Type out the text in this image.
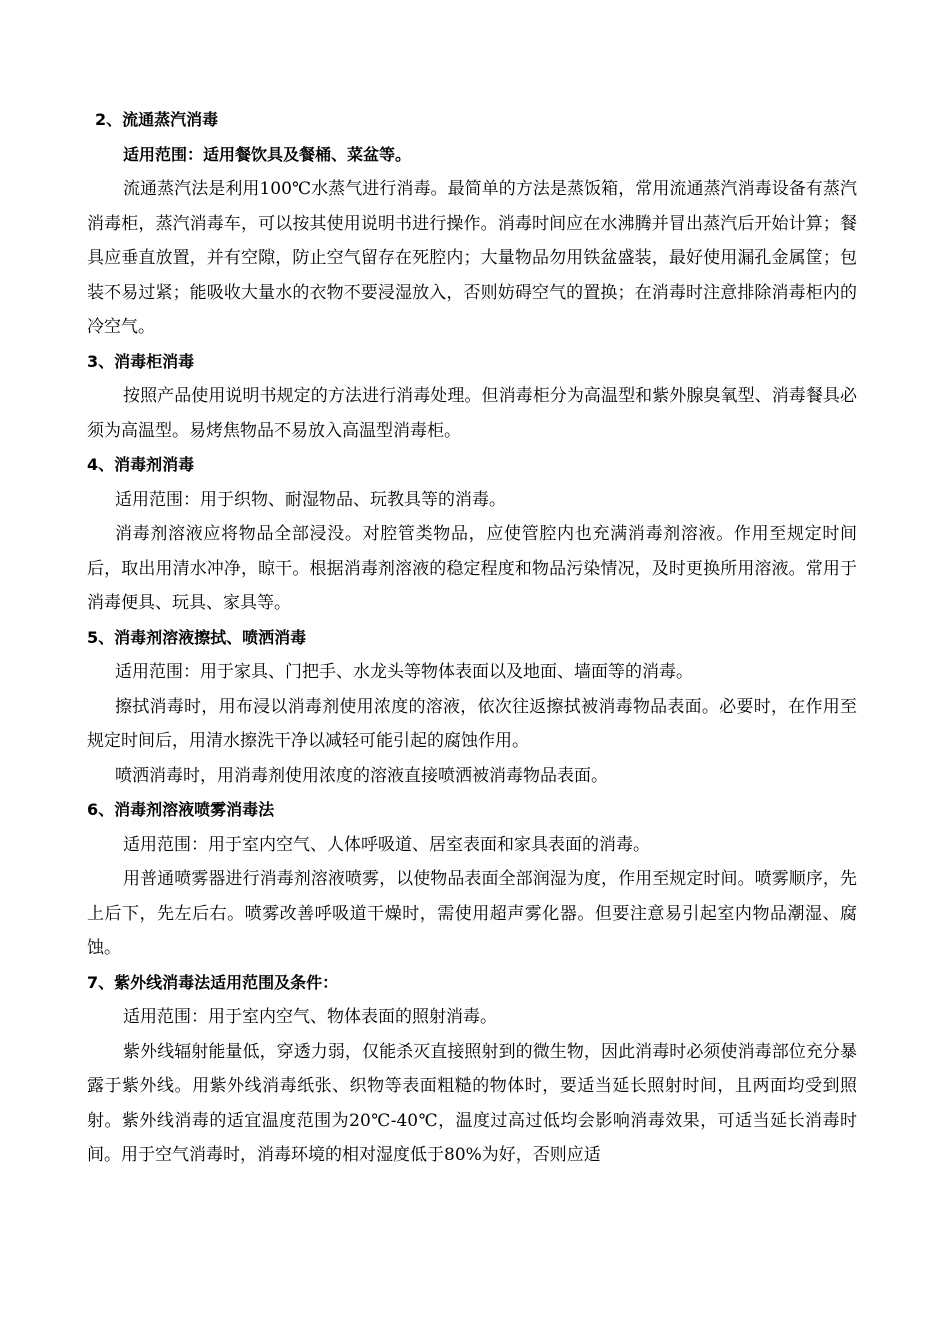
2、流通蒸汽消毒
适用范围：适用餐饮具及餐桶、菜盆等。

流通蒸汽法是利用100℃水蒸气进行消毒。最简单的方法是蒸饭箱，常用流通蒸汽消毒设备有蒸汽消毒柜，蒸汽消毒车，可以按其使用说明书进行操作。消毒时间应在水沸腾并冒出蒸汽后开始计算；餐具应垂直放置，并有空隙，防止空气留存在死腔内；大量物品勿用铁盆盛装，最好使用漏孔金属筐；包装不易过紧；能吸收大量水的衣物不要浸湿放入，否则妨碍空气的置换；在消毒时注意排除消毒柜内的冷空气。

3、消毒柜消毒

按照产品使用说明书规定的方法进行消毒处理。但消毒柜分为高温型和紫外腺臭氧型、消毒餐具必须为高温型。易烤焦物品不易放入高温型消毒柜。

4、消毒剂消毒
适用范围：用于织物、耐湿物品、玩教具等的消毒。

消毒剂溶液应将物品全部浸没。对腔管类物品，应使管腔内也充满消毒剂溶液。作用至规定时间后，取出用清水冲净，晾干。根据消毒剂溶液的稳定程度和物品污染情况，及时更换所用溶液。常用于消毒便具、玩具、家具等。

5、消毒剂溶液擦拭、喷洒消毒
适用范围：用于家具、门把手、水龙头等物体表面以及地面、墙面等的消毒。

擦拭消毒时，用布浸以消毒剂使用浓度的溶液，依次往返擦拭被消毒物品表面。必要时，在作用至规定时间后，用清水擦洗干净以减轻可能引起的腐蚀作用。

喷洒消毒时，用消毒剂使用浓度的溶液直接喷洒被消毒物品表面。
6、消毒剂溶液喷雾消毒法
适用范围：用于室内空气、人体呼吸道、居室表面和家具表面的消毒。

用普通喷雾器进行消毒剂溶液喷雾，以使物品表面全部润湿为度，作用至规定时间。喷雾顺序，先上后下，先左后右。喷雾改善呼吸道干燥时，需使用超声雾化器。但要注意易引起室内物品潮湿、腐蚀。

7、紫外线消毒法适用范围及条件：
适用范围：用于室内空气、物体表面的照射消毒。

紫外线辐射能量低，穿透力弱，仅能杀灭直接照射到的微生物，因此消毒时必须使消毒部位充分暴露于紫外线。用紫外线消毒纸张、织物等表面粗糙的物体时，要适当延长照射时间，且两面均受到照射。紫外线消毒的适宜温度范围为20℃-40℃，温度过高过低均会影响消毒效果，可适当延长消毒时间。用于空气消毒时，消毒环境的相对湿度低于80%为好，否则应适
